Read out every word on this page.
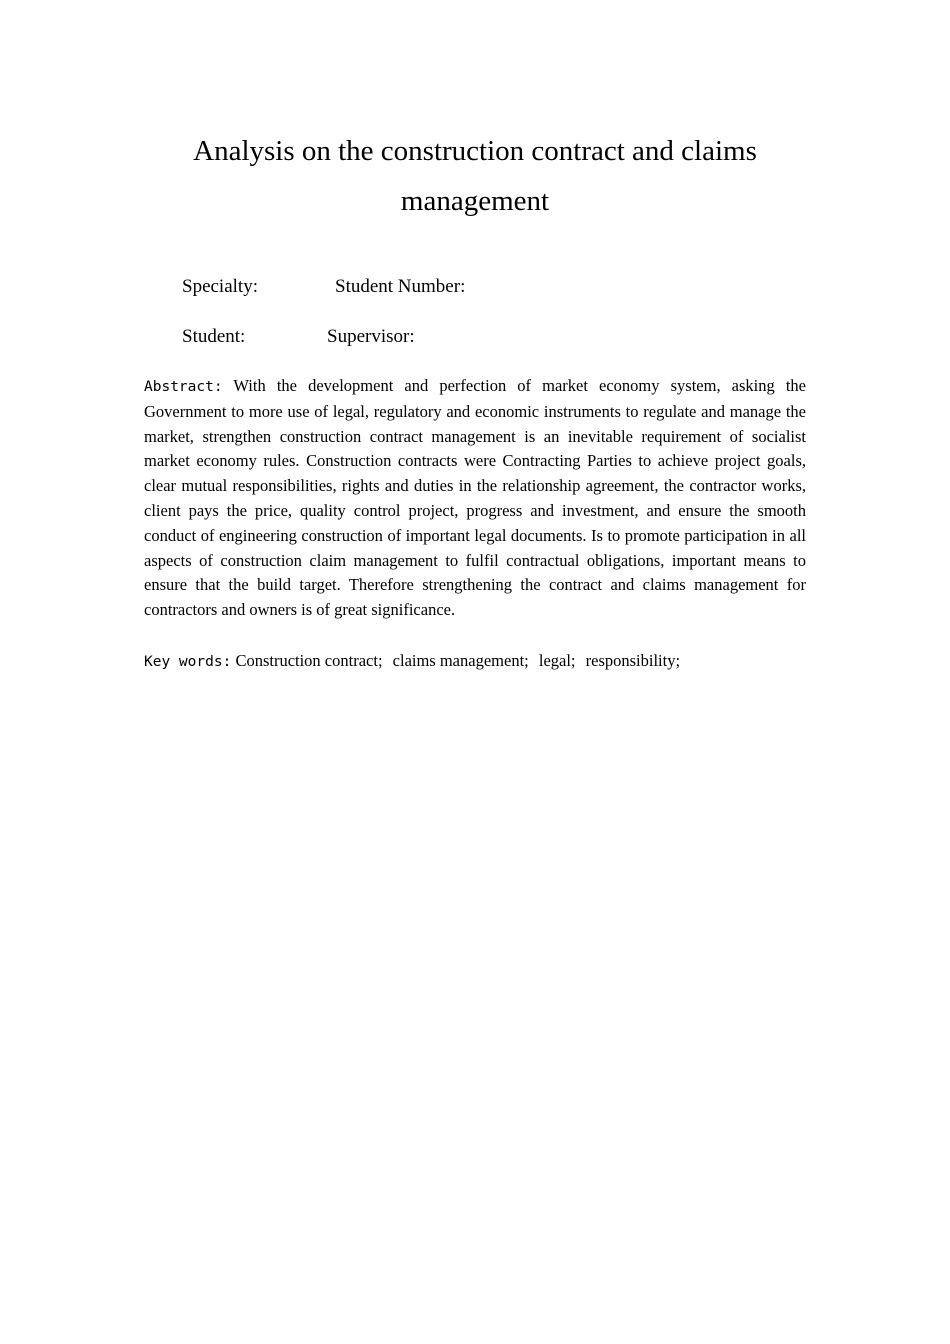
Analysis on the construction contract and claims
management
Specialty:	Student Number:
Student:	Supervisor:

Abstract: With the development and perfection of market economy system, asking the Government to more use of legal, regulatory and economic instruments to regulate and manage the market, strengthen construction contract management is an inevitable requirement of socialist market economy rules. Construction contracts were Contracting Parties to achieve project goals, clear mutual responsibilities, rights and duties in the relationship agreement, the contractor works, client pays the price, quality control project, progress and investment, and ensure the smooth conduct of engineering construction of important legal documents. Is to promote participation in all aspects of construction claim management to fulfil contractual obligations, important means to ensure that the build target. Therefore strengthening the contract and claims management for contractors and owners is of great significance.

Key words: Construction contract; claims management; legal; responsibility;
